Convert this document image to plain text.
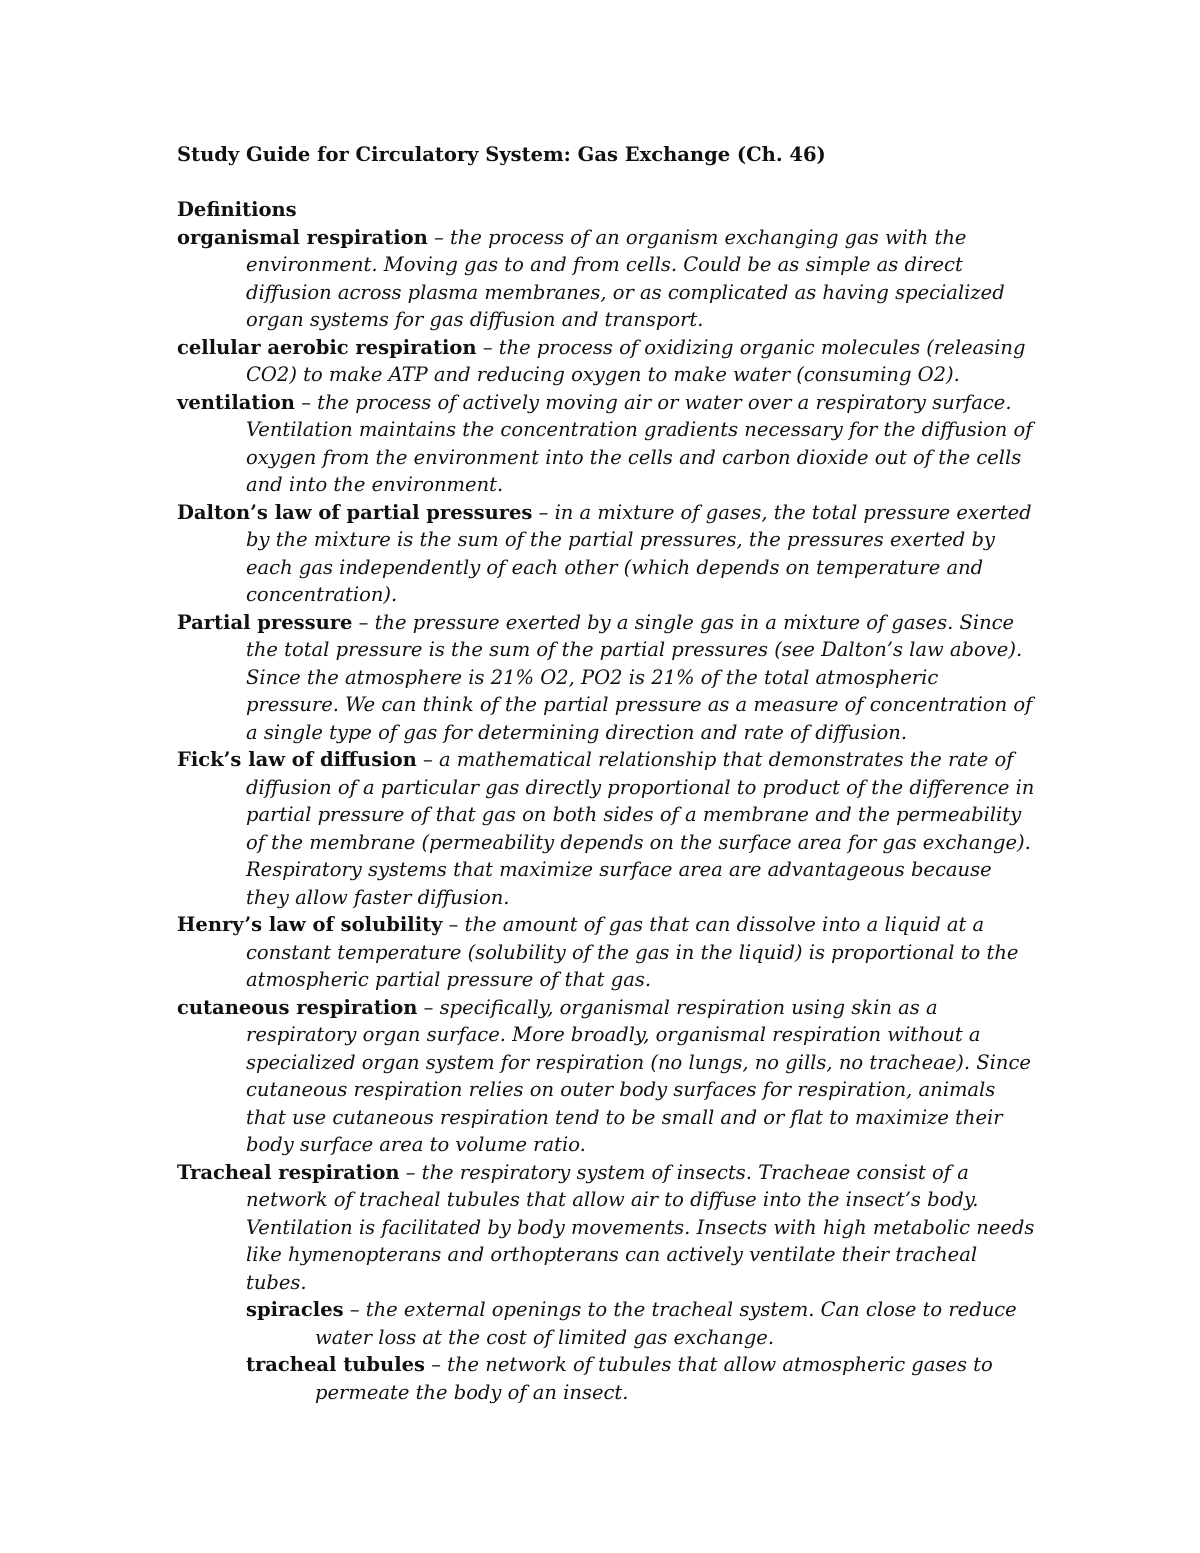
Study Guide for Circulatory System: Gas Exchange (Ch. 46)

Definitions

organismal respiration – the process of an organism exchanging gas with the environment. Moving gas to and from cells. Could be as simple as direct diffusion across plasma membranes, or as complicated as having specialized organ systems for gas diffusion and transport.

cellular aerobic respiration – the process of oxidizing organic molecules (releasing CO2) to make ATP and reducing oxygen to make water (consuming O2).

ventilation – the process of actively moving air or water over a respiratory surface. Ventilation maintains the concentration gradients necessary for the diffusion of oxygen from the environment into the cells and carbon dioxide out of the cells and into the environment.

Dalton’s law of partial pressures – in a mixture of gases, the total pressure exerted by the mixture is the sum of the partial pressures, the pressures exerted by each gas independently of each other (which depends on temperature and concentration).

Partial pressure – the pressure exerted by a single gas in a mixture of gases. Since the total pressure is the sum of the partial pressures (see Dalton’s law above). Since the atmosphere is 21% O2, PO2 is 21% of the total atmospheric pressure. We can think of the partial pressure as a measure of concentration of a single type of gas for determining direction and rate of diffusion.

Fick’s law of diffusion – a mathematical relationship that demonstrates the rate of diffusion of a particular gas directly proportional to product of the difference in partial pressure of that gas on both sides of a membrane and the permeability of the membrane (permeability depends on the surface area for gas exchange). Respiratory systems that maximize surface area are advantageous because they allow faster diffusion.

Henry’s law of solubility – the amount of gas that can dissolve into a liquid at a constant temperature (solubility of the gas in the liquid) is proportional to the atmospheric partial pressure of that gas.

cutaneous respiration – specifically, organismal respiration using skin as a respiratory organ surface. More broadly, organismal respiration without a specialized organ system for respiration (no lungs, no gills, no tracheae). Since cutaneous respiration relies on outer body surfaces for respiration, animals that use cutaneous respiration tend to be small and or flat to maximize their body surface area to volume ratio.

Tracheal respiration – the respiratory system of insects. Tracheae consist of a network of tracheal tubules that allow air to diffuse into the insect’s body. Ventilation is facilitated by body movements. Insects with high metabolic needs like hymenopterans and orthopterans can actively ventilate their tracheal tubes.

spiracles – the external openings to the tracheal system. Can close to reduce water loss at the cost of limited gas exchange.

tracheal tubules – the network of tubules that allow atmospheric gases to permeate the body of an insect.
